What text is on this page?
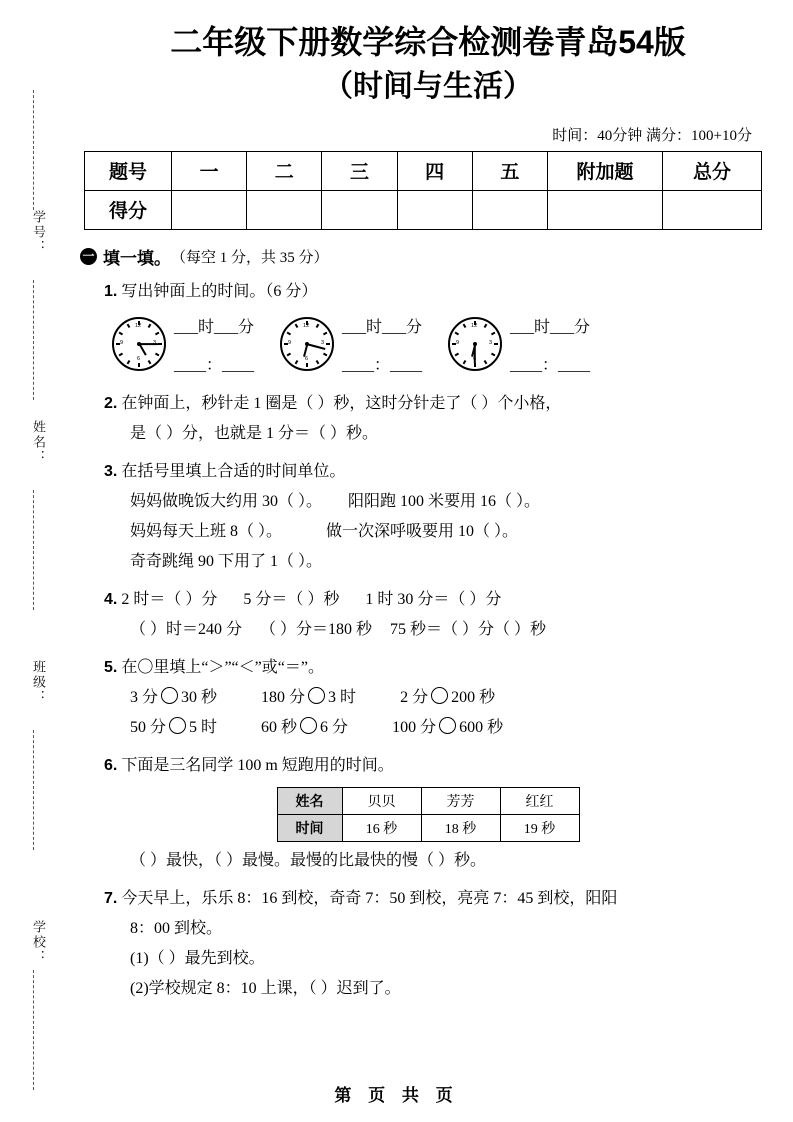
学号：
姓名：
班级：
学校：
二年级下册数学综合检测卷青岛54版
（时间与生活）
时间：40分钟 满分：100+10分
题号	一	二	三	四	五	附加题	总分
得分							
一 填一填。 （每空 1 分，共 35 分）
1. 写出钟面上的时间。（6 分）
12
6
9
___时___分
____：____
12
3
6
9
___时___分
____：____
12
3
9
___时___分
____：____
2. 在钟面上，秒针走 1 圈是（ ）秒，这时分针走了（ ）个小格，
是（ ）分，也就是 1 分＝（ ）秒。
3. 在括号里填上合适的时间单位。
妈妈做晚饭大约用 30（ ）。 阳阳跑 100 米要用 16（ ）。
妈妈每天上班 8（ ）。	做一次深呼吸要用 10（ ）。
奇奇跳绳 90 下用了 1（ ）。
4. 2 时＝（ ）分 5 分＝（ ）秒 1 时 30 分＝（ ）分
（ ）时＝240 分 （ ）分＝180 秒 75 秒＝（ ）分（ ）秒
5. 在〇里填上“＞”“＜”或“＝”。
3 分 30 秒	180 分 3 时	2 分 200 秒
50 分 5 时	60 秒 6 分	100 分 600 秒
6. 下面是三名同学 100 m 短跑用的时间。
姓名	贝贝	芳芳	红红
时间	16 秒	18 秒	19 秒
（ ）最快，（ ）最慢。最慢的比最快的慢（ ）秒。
7. 今天早上，乐乐 8：16 到校，奇奇 7：50 到校，亮亮 7：45 到校，阳阳
8：00 到校。
(1)（ ）最先到校。
(2)学校规定 8：10 上课，（ ）迟到了。
第 页 共 页
